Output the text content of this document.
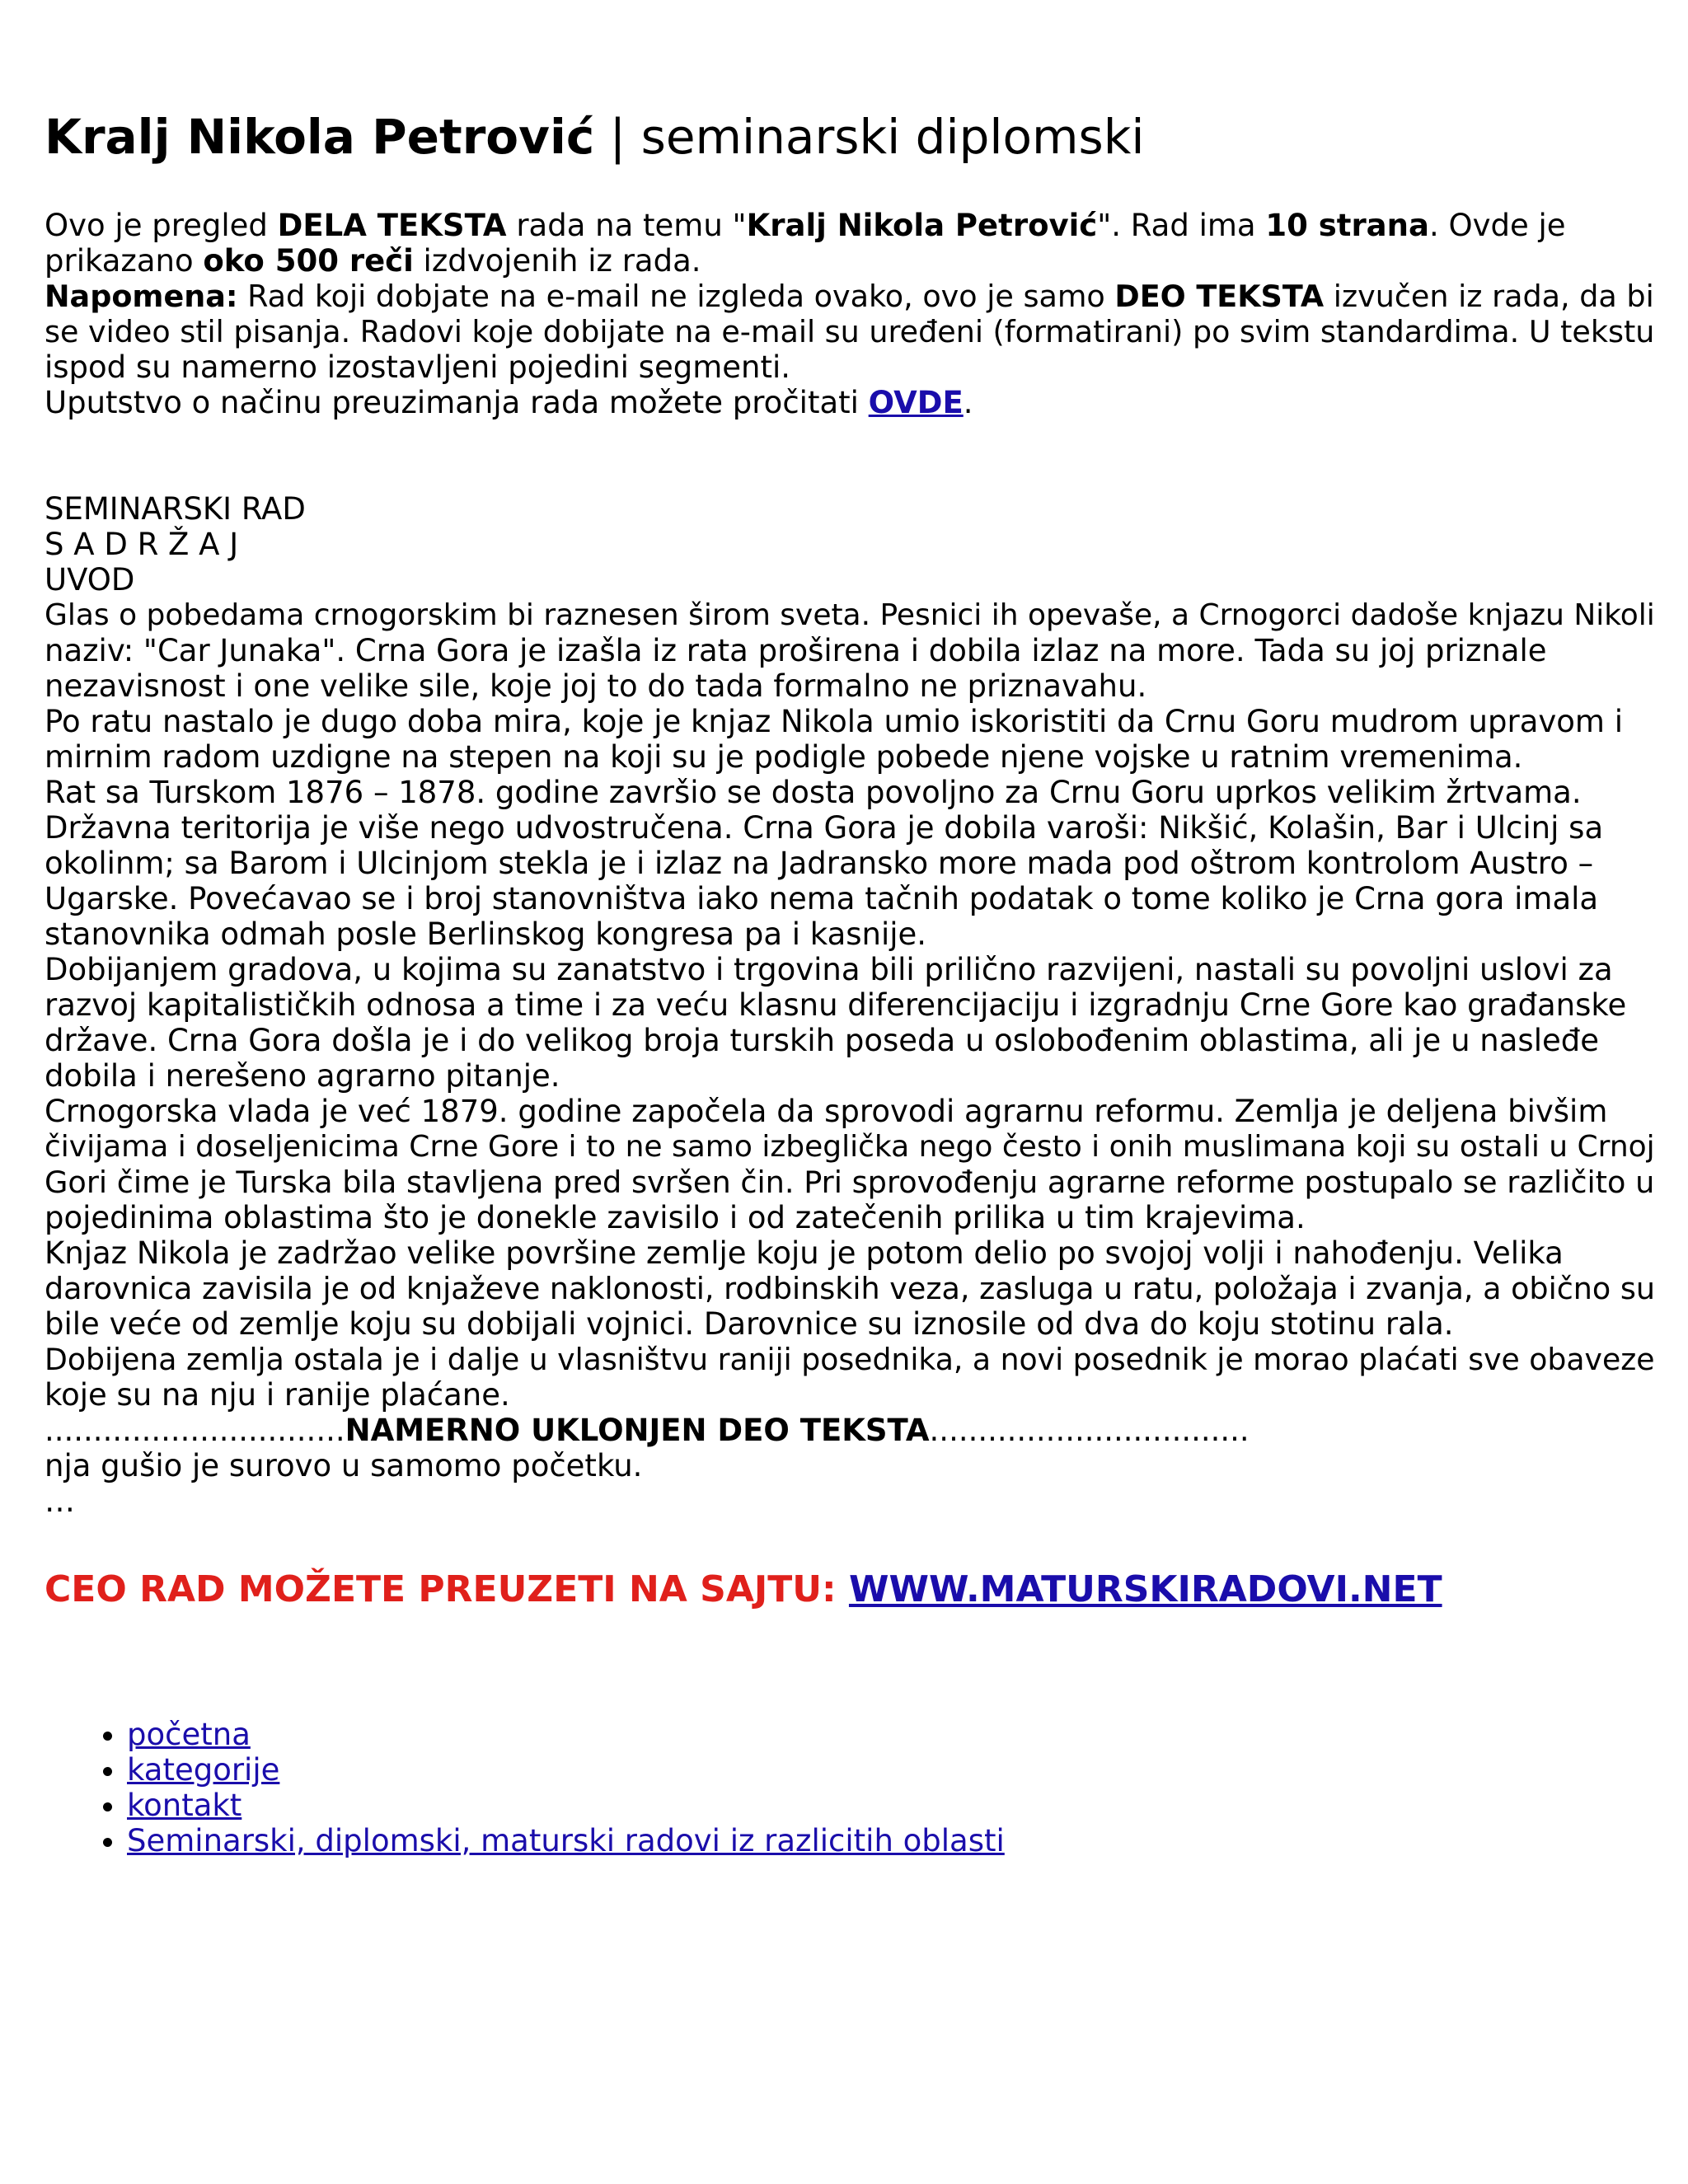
Kralj Nikola Petrović | seminarski diplomski
Ovo je pregled DELA TEKSTA rada na temu "Kralj Nikola Petrović". Rad ima 10 strana. Ovde je
prikazano oko 500 reči izdvojenih iz rada.
Napomena: Rad koji dobjate na e-mail ne izgleda ovako, ovo je samo DEO TEKSTA izvučen iz rada, da bi
se video stil pisanja. Radovi koje dobijate na e-mail su uređeni (formatirani) po svim standardima. U tekstu
ispod su namerno izostavljeni pojedini segmenti.
Uputstvo o načinu preuzimanja rada možete pročitati OVDE.
SEMINARSKI RAD
S A D R Ž A J
UVOD
Glas o pobedama crnogorskim bi raznesen širom sveta. Pesnici ih opevaše, a Crnogorci dadoše knjazu Nikoli
naziv: "Car Junaka". Crna Gora je izašla iz rata proširena i dobila izlaz na more. Tada su joj priznale
nezavisnost i one velike sile, koje joj to do tada formalno ne priznavahu.
Po ratu nastalo je dugo doba mira, koje je knjaz Nikola umio iskoristiti da Crnu Goru mudrom upravom i
mirnim radom uzdigne na stepen na koji su je podigle pobede njene vojske u ratnim vremenima.
Rat sa Turskom 1876 – 1878. godine završio se dosta povoljno za Crnu Goru uprkos velikim žrtvama.
Državna teritorija je više nego udvostručena. Crna Gora je dobila varoši: Nikšić, Kolašin, Bar i Ulcinj sa
okolinm; sa Barom i Ulcinjom stekla je i izlaz na Jadransko more mada pod oštrom kontrolom Austro –
Ugarske. Povećavao se i broj stanovništva iako nema tačnih podatak o tome koliko je Crna gora imala
stanovnika odmah posle Berlinskog kongresa pa i kasnije.
Dobijanjem gradova, u kojima su zanatstvo i trgovina bili prilično razvijeni, nastali su povoljni uslovi za
razvoj kapitalističkih odnosa a time i za veću klasnu diferencijaciju i izgradnju Crne Gore kao građanske
države. Crna Gora došla je i do velikog broja turskih poseda u oslobođenim oblastima, ali je u nasleđe
dobila i nerešeno agrarno pitanje.
Crnogorska vlada je već 1879. godine započela da sprovodi agrarnu reformu. Zemlja je deljena bivšim
čivijama i doseljenicima Crne Gore i to ne samo izbeglička nego često i onih muslimana koji su ostali u Crnoj
Gori čime je Turska bila stavljena pred svršen čin. Pri sprovođenju agrarne reforme postupalo se različito u
pojedinima oblastima što je donekle zavisilo i od zatečenih prilika u tim krajevima.
Knjaz Nikola je zadržao velike površine zemlje koju je potom delio po svojoj volji i nahođenju. Velika
darovnica zavisila je od knjaževe naklonosti, rodbinskih veza, zasluga u ratu, položaja i zvanja, a obično su
bile veće od zemlje koju su dobijali vojnici. Darovnice su iznosile od dva do koju stotinu rala.
Dobijena zemlja ostala je i dalje u vlasništvu raniji posednika, a novi posednik je morao plaćati sve obaveze
koje su na nju i ranije plaćane.
...............................NAMERNO UKLONJEN DEO TEKSTA.................................
nja gušio je surovo u samomo početku.
…
CEO RAD MOŽETE PREUZETI NA SAJTU: WWW.MATURSKIRADOVI.NET
• početna
• kategorije
• kontakt
• Seminarski, diplomski, maturski radovi iz razlicitih oblasti
